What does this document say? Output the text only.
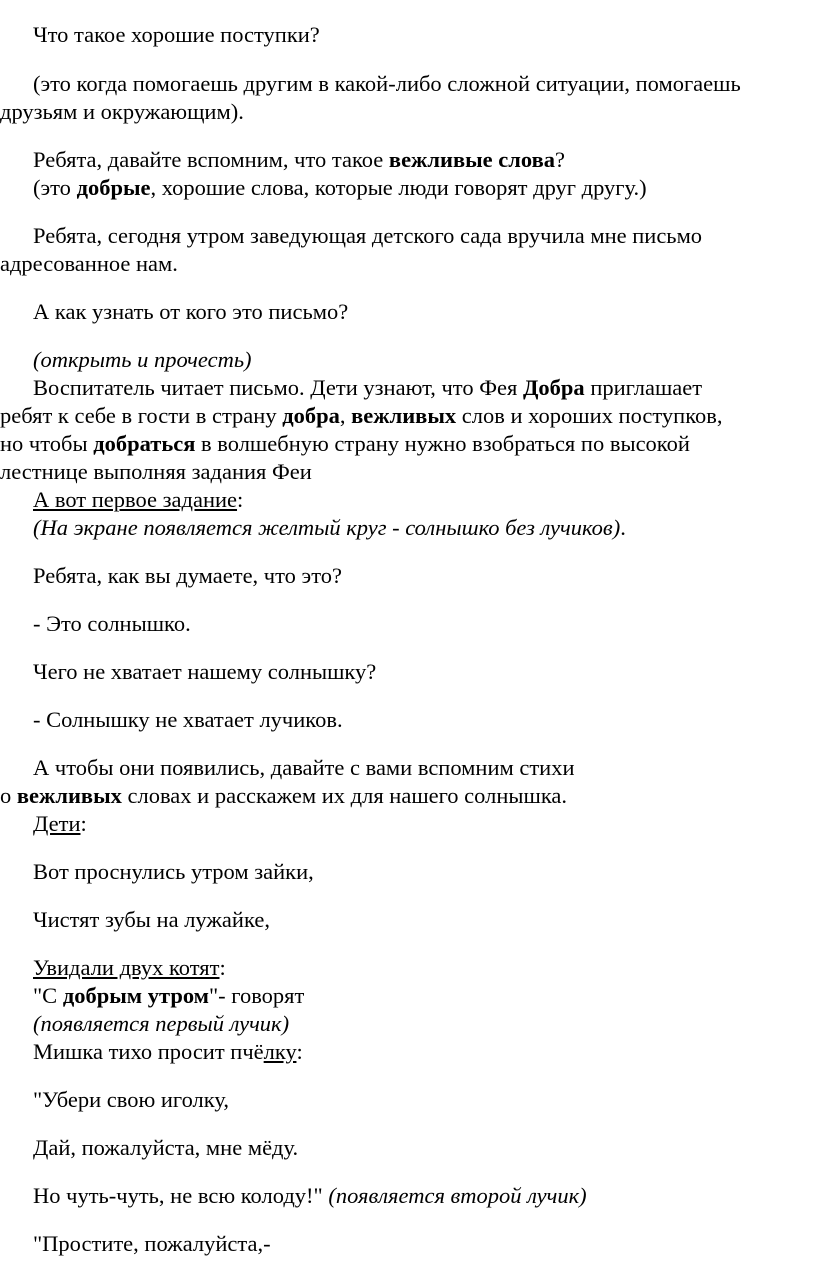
Что такое хорошие поступки?
(это когда помогаешь другим в какой-либо сложной ситуации, помогаешь
друзьям и окружающим).
Ребята, давайте вспомним, что такое вежливые слова?
(это добрые, хорошие слова, которые люди говорят друг другу.)
Ребята, сегодня утром заведующая детского сада вручила мне письмо
адресованное нам.
А как узнать от кого это письмо?
(открыть и прочесть)
Воспитатель читает письмо. Дети узнают, что Фея Добра приглашает
ребят к себе в гости в страну добра, вежливых слов и хороших поступков,
но чтобы добраться в волшебную страну нужно взобраться по высокой
лестнице выполняя задания Феи
А вот первое задание:
(На экране появляется желтый круг - солнышко без лучиков).
Ребята, как вы думаете, что это?
- Это солнышко.
Чего не хватает нашему солнышку?
- Солнышку не хватает лучиков.
А чтобы они появились, давайте с вами вспомним стихи
о вежливых словах и расскажем их для нашего солнышка.
Дети:
Вот проснулись утром зайки,
Чистят зубы на лужайке,
Увидали двух котят:
"С добрым утром"- говорят
(появляется первый лучик)
Мишка тихо просит пчёлку:
"Убери свою иголку,
Дай, пожалуйста, мне мёду.
Но чуть-чуть, не всю колоду!" (появляется второй лучик)
"Простите, пожалуйста,-
